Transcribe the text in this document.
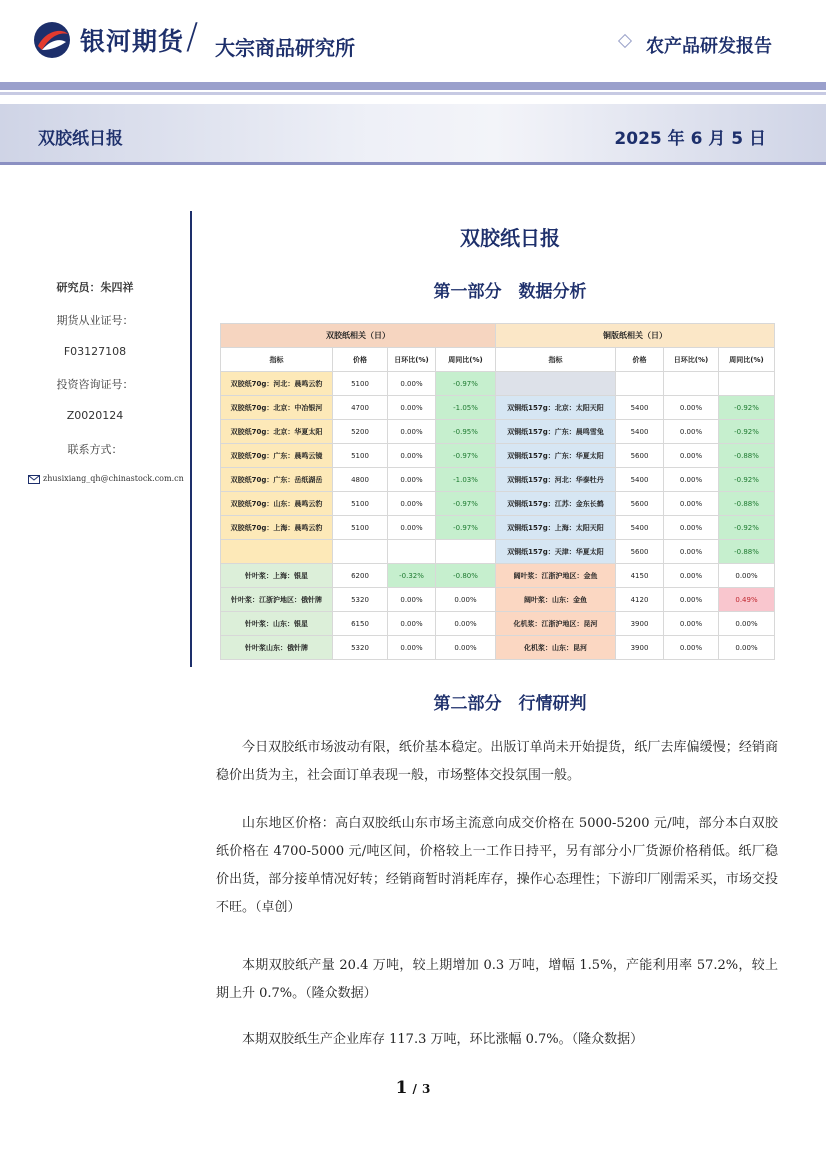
银河期货 / 大宗商品研究所	农产品研发报告
双胶纸日报	2025 年 6 月 5 日
研究员：朱四祥
期货从业证号：
F03127108
投资咨询证号：
Z0020124
联系方式：
zhusixiang_qh@chinastock.com.cn
双胶纸日报
第一部分　数据分析
双胶纸相关（日）				铜版纸相关（日）			
指标	价格	日环比(%)	周同比(%)	指标	价格	日环比(%)	周同比(%)
双胶纸70g：河北：晨鸣云豹	5100	0.00%	-0.97%				
双胶纸70g：北京：中冶银河	4700	0.00%	-1.05%	双铜纸157g：北京：太阳天阳	5400	0.00%	-0.92%
双胶纸70g：北京：华夏太阳	5200	0.00%	-0.95%	双铜纸157g：广东：晨鸣雪兔	5400	0.00%	-0.92%
双胶纸70g：广东：晨鸣云镜	5100	0.00%	-0.97%	双铜纸157g：广东：华夏太阳	5600	0.00%	-0.88%
双胶纸70g：广东：岳纸湖岳	4800	0.00%	-1.03%	双铜纸157g：河北：华泰牡丹	5400	0.00%	-0.92%
双胶纸70g：山东：晨鸣云豹	5100	0.00%	-0.97%	双铜纸157g：江苏：金东长鹤	5600	0.00%	-0.88%
双胶纸70g：上海：晨鸣云豹	5100	0.00%	-0.97%	双铜纸157g：上海：太阳天阳	5400	0.00%	-0.92%
				双铜纸157g：天津：华夏太阳	5600	0.00%	-0.88%
针叶浆：上海：银星	6200	-0.32%	-0.80%	阔叶浆：江浙沪地区：金鱼	4150	0.00%	0.00%
针叶浆：江浙沪地区：俄针牌	5320	0.00%	0.00%	阔叶浆：山东：金鱼	4120	0.00%	0.49%
针叶浆：山东：银星	6150	0.00%	0.00%	化机浆：江浙沪地区：昆河	3900	0.00%	0.00%
针叶浆山东：俄针牌	5320	0.00%	0.00%	化机浆：山东：昆河	3900	0.00%	0.00%
第二部分　行情研判

今日双胶纸市场波动有限，纸价基本稳定。出版订单尚未开始提货，纸厂去库偏缓慢；经销商稳价出货为主，社会面订单表现一般，市场整体交投氛围一般。

山东地区价格：高白双胶纸山东市场主流意向成交价格在 5000-5200 元/吨，部分本白双胶纸价格在 4700-5000 元/吨区间，价格较上一工作日持平，另有部分小厂货源价格稍低。纸厂稳价出货，部分接单情况好转；经销商暂时消耗库存，操作心态理性；下游印厂刚需采买，市场交投不旺。（卓创）

本期双胶纸产量 20.4 万吨，较上期增加 0.3 万吨，增幅 1.5%，产能利用率 57.2%，较上期上升 0.7%。（隆众数据）

本期双胶纸生产企业库存 117.3 万吨，环比涨幅 0.7%。（隆众数据）

1 / 3
